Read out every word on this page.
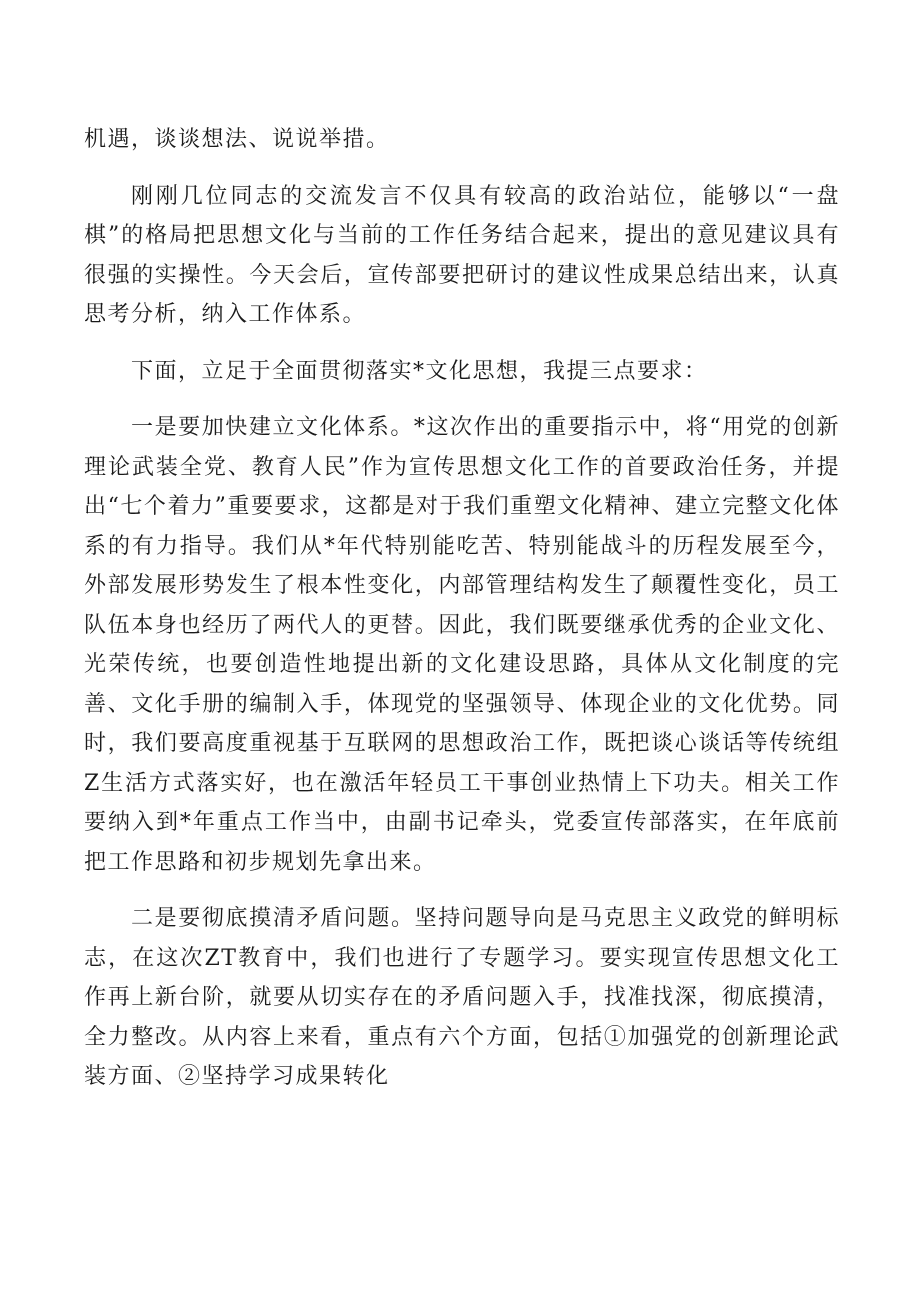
机遇，谈谈想法、说说举措。

刚刚几位同志的交流发言不仅具有较高的政治站位，能够以“一盘棋”的格局把思想文化与当前的工作任务结合起来，提出的意见建议具有很强的实操性。今天会后，宣传部要把研讨的建议性成果总结出来，认真思考分析，纳入工作体系。

下面，立足于全面贯彻落实*文化思想，我提三点要求：

一是要加快建立文化体系。*这次作出的重要指示中，将“用党的创新理论武装全党、教育人民”作为宣传思想文化工作的首要政治任务，并提出“七个着力”重要要求，这都是对于我们重塑文化精神、建立完整文化体系的有力指导。我们从*年代特别能吃苦、特别能战斗的历程发展至今，外部发展形势发生了根本性变化，内部管理结构发生了颠覆性变化，员工队伍本身也经历了两代人的更替。因此，我们既要继承优秀的企业文化、光荣传统，也要创造性地提出新的文化建设思路，具体从文化制度的完善、文化手册的编制入手，体现党的坚强领导、体现企业的文化优势。同时，我们要高度重视基于互联网的思想政治工作，既把谈心谈话等传统组Z生活方式落实好，也在激活年轻员工干事创业热情上下功夫。相关工作要纳入到*年重点工作当中，由副书记牵头，党委宣传部落实，在年底前把工作思路和初步规划先拿出来。

二是要彻底摸清矛盾问题。坚持问题导向是马克思主义政党的鲜明标志，在这次ZT教育中，我们也进行了专题学习。要实现宣传思想文化工作再上新台阶，就要从切实存在的矛盾问题入手，找准找深，彻底摸清，全力整改。从内容上来看，重点有六个方面，包括①加强党的创新理论武装方面、②坚持学习成果转化
